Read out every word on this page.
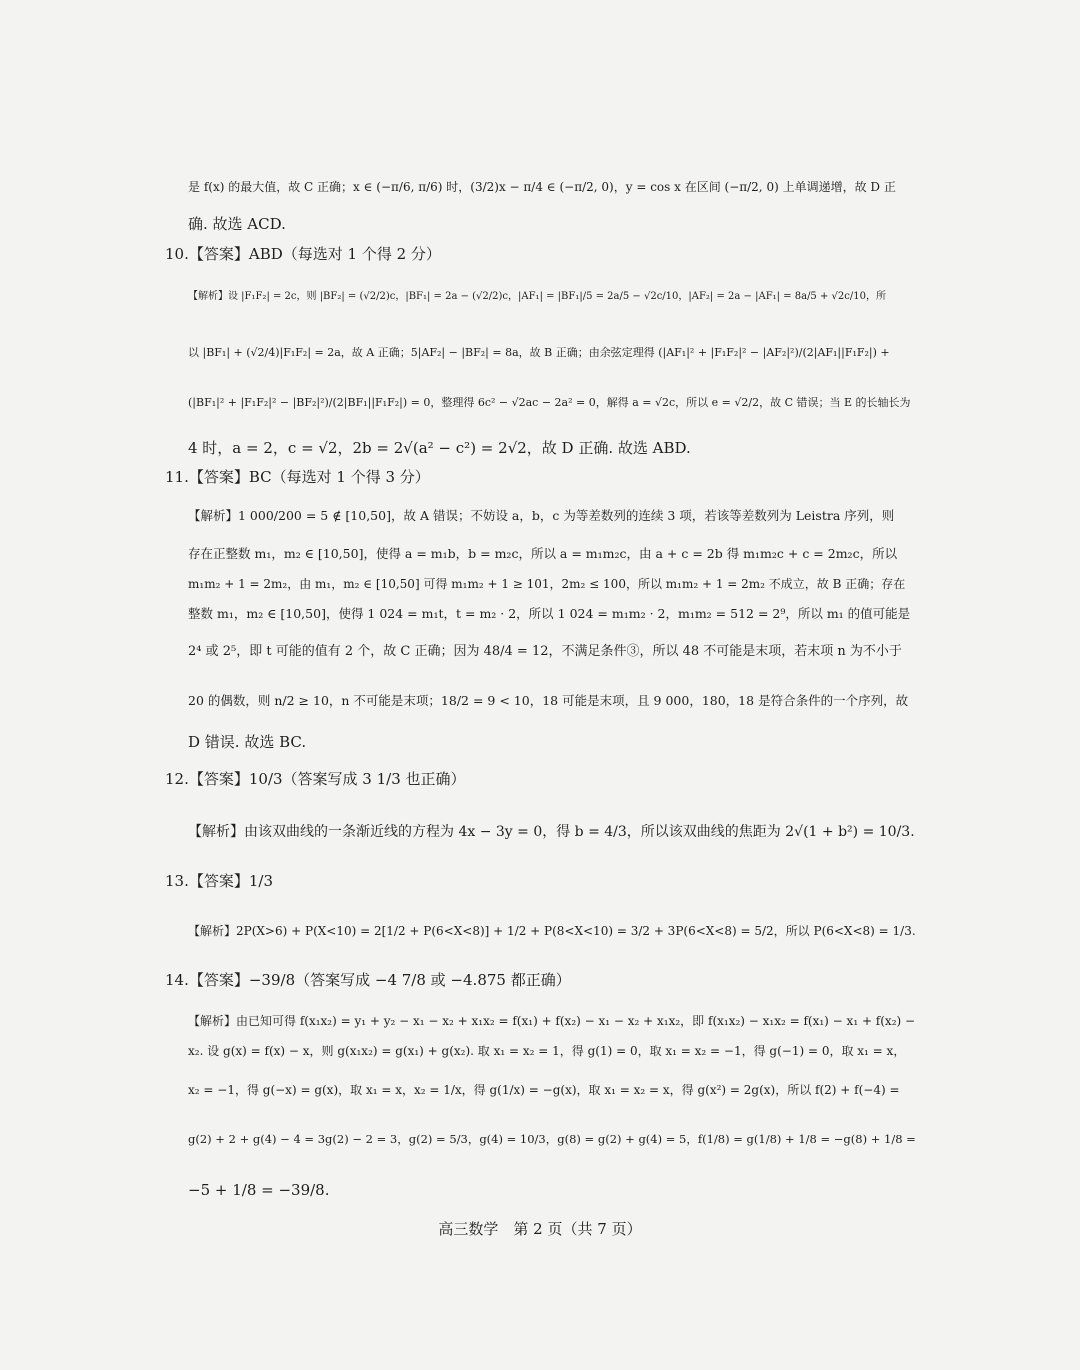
是 f(x) 的最大值，故 C 正确；x ∈ (−π/6, π/6) 时，(3/2)x − π/4 ∈ (−π/2, 0)，y = cos x 在区间 (−π/2, 0) 上单调递增，故 D 正
确. 故选 ACD.
10.【答案】ABD（每选对 1 个得 2 分）
【解析】设 |F₁F₂| = 2c，则 |BF₂| = (√2/2)c，|BF₁| = 2a − (√2/2)c，|AF₁| = |BF₁|/5 = 2a/5 − √2c/10，|AF₂| = 2a − |AF₁| = 8a/5 + √2c/10，所
以 |BF₁| + (√2/4)|F₁F₂| = 2a，故 A 正确；5|AF₂| − |BF₂| = 8a，故 B 正确；由余弦定理得 (|AF₁|² + |F₁F₂|² − |AF₂|²)/(2|AF₁||F₁F₂|) +
(|BF₁|² + |F₁F₂|² − |BF₂|²)/(2|BF₁||F₁F₂|) = 0，整理得 6c² − √2ac − 2a² = 0，解得 a = √2c，所以 e = √2/2，故 C 错误；当 E 的长轴长为
4 时，a = 2，c = √2，2b = 2√(a² − c²) = 2√2，故 D 正确. 故选 ABD.
11.【答案】BC（每选对 1 个得 3 分）
【解析】1 000/200 = 5 ∉ [10,50]，故 A 错误；不妨设 a，b，c 为等差数列的连续 3 项，若该等差数列为 Leistra 序列，则
存在正整数 m₁，m₂ ∈ [10,50]，使得 a = m₁b，b = m₂c，所以 a = m₁m₂c，由 a + c = 2b 得 m₁m₂c + c = 2m₂c，所以
m₁m₂ + 1 = 2m₂，由 m₁，m₂ ∈ [10,50] 可得 m₁m₂ + 1 ≥ 101，2m₂ ≤ 100，所以 m₁m₂ + 1 = 2m₂ 不成立，故 B 正确；存在
整数 m₁，m₂ ∈ [10,50]，使得 1 024 = m₁t，t = m₂ · 2，所以 1 024 = m₁m₂ · 2，m₁m₂ = 512 = 2⁹，所以 m₁ 的值可能是
2⁴ 或 2⁵，即 t 可能的值有 2 个，故 C 正确；因为 48/4 = 12，不满足条件③，所以 48 不可能是末项，若末项 n 为不小于
20 的偶数，则 n/2 ≥ 10，n 不可能是末项；18/2 = 9 < 10，18 可能是末项，且 9 000，180，18 是符合条件的一个序列，故
D 错误. 故选 BC.
12.【答案】10/3（答案写成 3 1/3 也正确）
【解析】由该双曲线的一条渐近线的方程为 4x − 3y = 0，得 b = 4/3，所以该双曲线的焦距为 2√(1 + b²) = 10/3.
13.【答案】1/3
【解析】2P(X>6) + P(X<10) = 2[1/2 + P(6<X<8)] + 1/2 + P(8<X<10) = 3/2 + 3P(6<X<8) = 5/2，所以 P(6<X<8) = 1/3.
14.【答案】−39/8（答案写成 −4 7/8 或 −4.875 都正确）
【解析】由已知可得 f(x₁x₂) = y₁ + y₂ − x₁ − x₂ + x₁x₂ = f(x₁) + f(x₂) − x₁ − x₂ + x₁x₂，即 f(x₁x₂) − x₁x₂ = f(x₁) − x₁ + f(x₂) −
x₂. 设 g(x) = f(x) − x，则 g(x₁x₂) = g(x₁) + g(x₂). 取 x₁ = x₂ = 1，得 g(1) = 0，取 x₁ = x₂ = −1，得 g(−1) = 0，取 x₁ = x，
x₂ = −1，得 g(−x) = g(x)，取 x₁ = x，x₂ = 1/x，得 g(1/x) = −g(x)，取 x₁ = x₂ = x，得 g(x²) = 2g(x)，所以 f(2) + f(−4) =
g(2) + 2 + g(4) − 4 = 3g(2) − 2 = 3，g(2) = 5/3，g(4) = 10/3，g(8) = g(2) + g(4) = 5，f(1/8) = g(1/8) + 1/8 = −g(8) + 1/8 =
−5 + 1/8 = −39/8.
高三数学　第 2 页（共 7 页）
